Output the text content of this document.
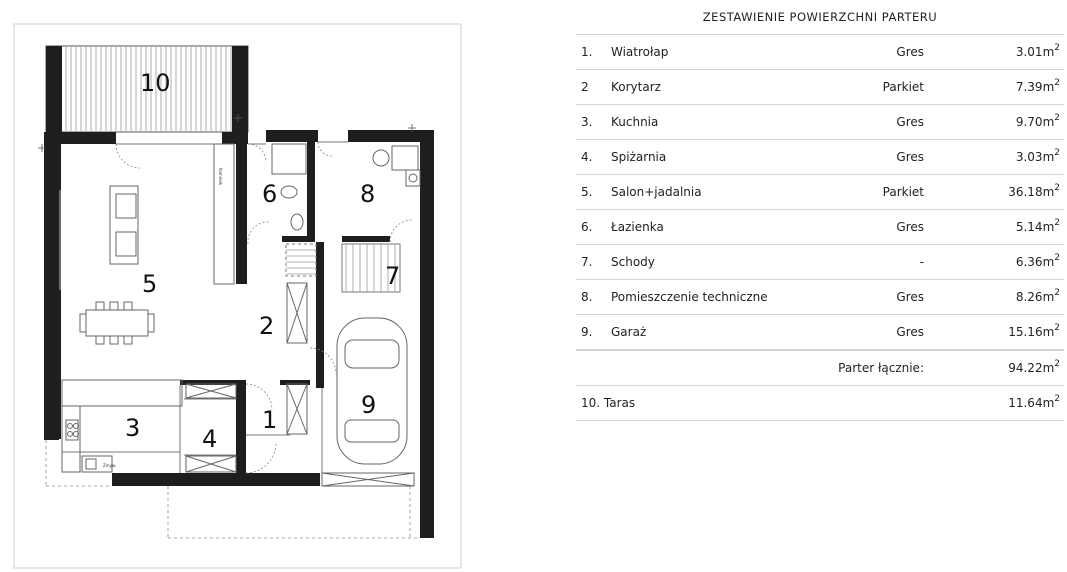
Kominek
Zmyw.
10
5
6	8
7
2
9
3	4
1
ZESTAWIENIE POWIERZCHNI PARTERU
1. Wiatrołap	Gres	$3.01m^2$
2 Korytarz	Parkiet	$7.39m^2$
3. Kuchnia	Gres	$9.70m^2$
4. Spiżarnia	Gres	$3.03m^2$
5. Salon+jadalnia	Parkiet	$36.18m^2$
6. Łazienka	Gres	$5.14m^2$
7. Schody	-	$6.36m^2$
8. Pomieszczenie techniczne	Gres	$8.26m^2$
9. Garaż	Gres	$15.16m^2$
Parter łącznie:	$94.22m^2$
10. Taras	$11.64m^2$
